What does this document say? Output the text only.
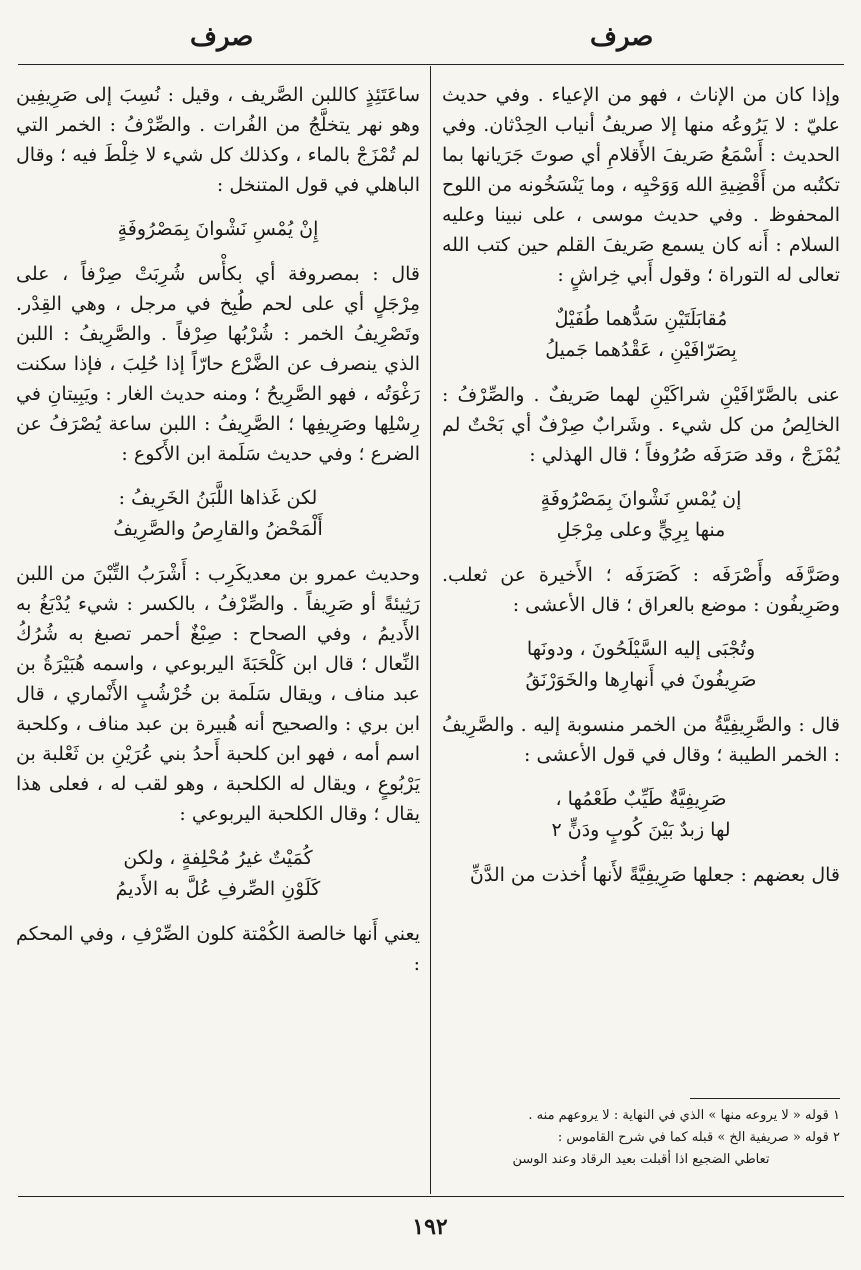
صرف
صرف

وإذا كان من الإناث ، فهو من الإعياء . وفي حديث عليّ : لا يَرُوعُه منها إلا صريفُ أنياب الحِدْثان. وفي الحديث : أَسْمَعُ صَريفَ الأَقلامِ أي صوتَ جَرَيانها بما تكتُبه من أَقْضِيةِ الله وَوَحْيِه ، وما يَنْسَخُونه من اللوح المحفوظ . وفي حديث موسى ، على نبينا وعليه السلام : أَنه كان يسمع صَريفَ القلم حين كتب الله تعالى له التوراة ؛ وقول أَبي خِراشٍ :

مُقابَلَتَيْنِ سَدُّهما طُفَيْلٌ
بِصَرّافَيْنِ ، عَقْدُهما جَميلُ

عنى بالصَّرّافَيْنِ شراكَيْنِ لهما صَريفٌ . والصِّرْفُ : الخالِصُ من كل شيء . وشَرابٌ صِرْفٌ أي بَحْتٌ لم يُمْزَجْ ، وقد صَرَفَه صُرُوفاً ؛ قال الهذلي :

إن يُمْسِ نَشْوانَ بِمَصْرُوفَةٍ
منها بِرِيٍّ وعلى مِرْجَلِ

وصَرَّفَه وأَصْرَفَه : كَصَرَفَه ؛ الأَخيرة عن ثعلب. وصَرِيفُون : موضع بالعراق ؛ قال الأعشى :

وتُجْبَى إليه السَّيْلَحُونَ ، ودونَها
صَرِيفُونَ في أَنهارِها والخَوَرْنَقُ

قال : والصَّرِيفِيَّةُ من الخمر منسوبة إليه . والصَّرِيفُ : الخمر الطيبة ؛ وقال في قول الأعشى :

صَرِيفِيَّةٌ طَيِّبٌ طَعْمُها ،
لها زبدٌ بَيْنَ كُوبٍ ودَنٍّ ٢

قال بعضهم : جعلها صَرِيفِيَّةً لأَنها أُخذت من الدَّنِّ

ساعَتَئِذٍ كاللبن الصَّريف ، وقيل : نُسِبَ إلى صَرِيفِين وهو نهر يتخلَّجُ من الفُرات . والصِّرْفُ : الخمر التي لم تُمْزَجْ بالماء ، وكذلك كل شيء لا خِلْطَ فيه ؛ وقال الباهلي في قول المتنخل :

إِنْ يُمْسِ نَشْوانَ بِمَصْرُوفَةٍ

قال : بمصروفة أي بكأْس شُرِبَتْ صِرْفاً ، على مِرْجَلٍ أي على لحم طُبِخ في مرجل ، وهي القِدْر. وتَصْرِيفُ الخمر : شُرْبُها صِرْفاً . والصَّرِيفُ : اللبن الذي ينصرف عن الضَّرْع حارّاً إذا حُلِبَ ، فإذا سكنت رَغْوَتُه ، فهو الصَّرِيحُ ؛ ومنه حديث الغار : ويَبِيتانِ في رِسْلِها وصَرِيفِها ؛ الصَّرِيفُ : اللبن ساعة يُصْرَفُ عن الضرع ؛ وفي حديث سَلَمة ابن الأَكوع :

لكن غَذاها اللَّبَنُ الخَرِيفُ :
أَلْمَحْضُ والقارِصُ والصَّرِيفُ

وحديث عمرو بن معدیكَرِب : أَشْرَبُ التِّبْنَ من اللبن رَثِيئةً أو صَرِيفاً . والصِّرْفُ ، بالكسر : شيء يُدْبَغُ به الأَديمُ ، وفي الصحاح : صِبْغٌ أحمر تصبغ به شُرُكُ النِّعال ؛ قال ابن كَلْحَبَةَ اليربوعي ، واسمه هُبَيْرَةُ بن عبد مناف ، ويقال سَلَمة بن خُرْشُبٍ الأَنْماري ، قال ابن بري : والصحيح أنه هُبيرة بن عبد مناف ، وكلحبة اسم أمه ، فهو ابن كلحبة أَحدُ بني عُرَيْنِ بن ثَعْلبة بن يَرْبُوعٍ ، ويقال له الكلحبة ، وهو لقب له ، فعلى هذا يقال ؛ وقال الكلحبة اليربوعي :

كُمَيْتٌ غيرُ مُحْلِفةٍ ، ولكن
كَلَوْنِ الصِّرفِ عُلَّ به الأَديمُ

يعني أَنها خالصة الكُمْتة كلون الصِّرْفِ ، وفي المحكم :

١ قوله « لا يروعه منها » الذي في النهاية : لا يروعهم منه .
٢ قوله « صريفية الخ » قبله كما في شرح القاموس :
تعاطي الضجيع اذا أقبلت بعيد الرقاد وعند الوسن
١٩٢
